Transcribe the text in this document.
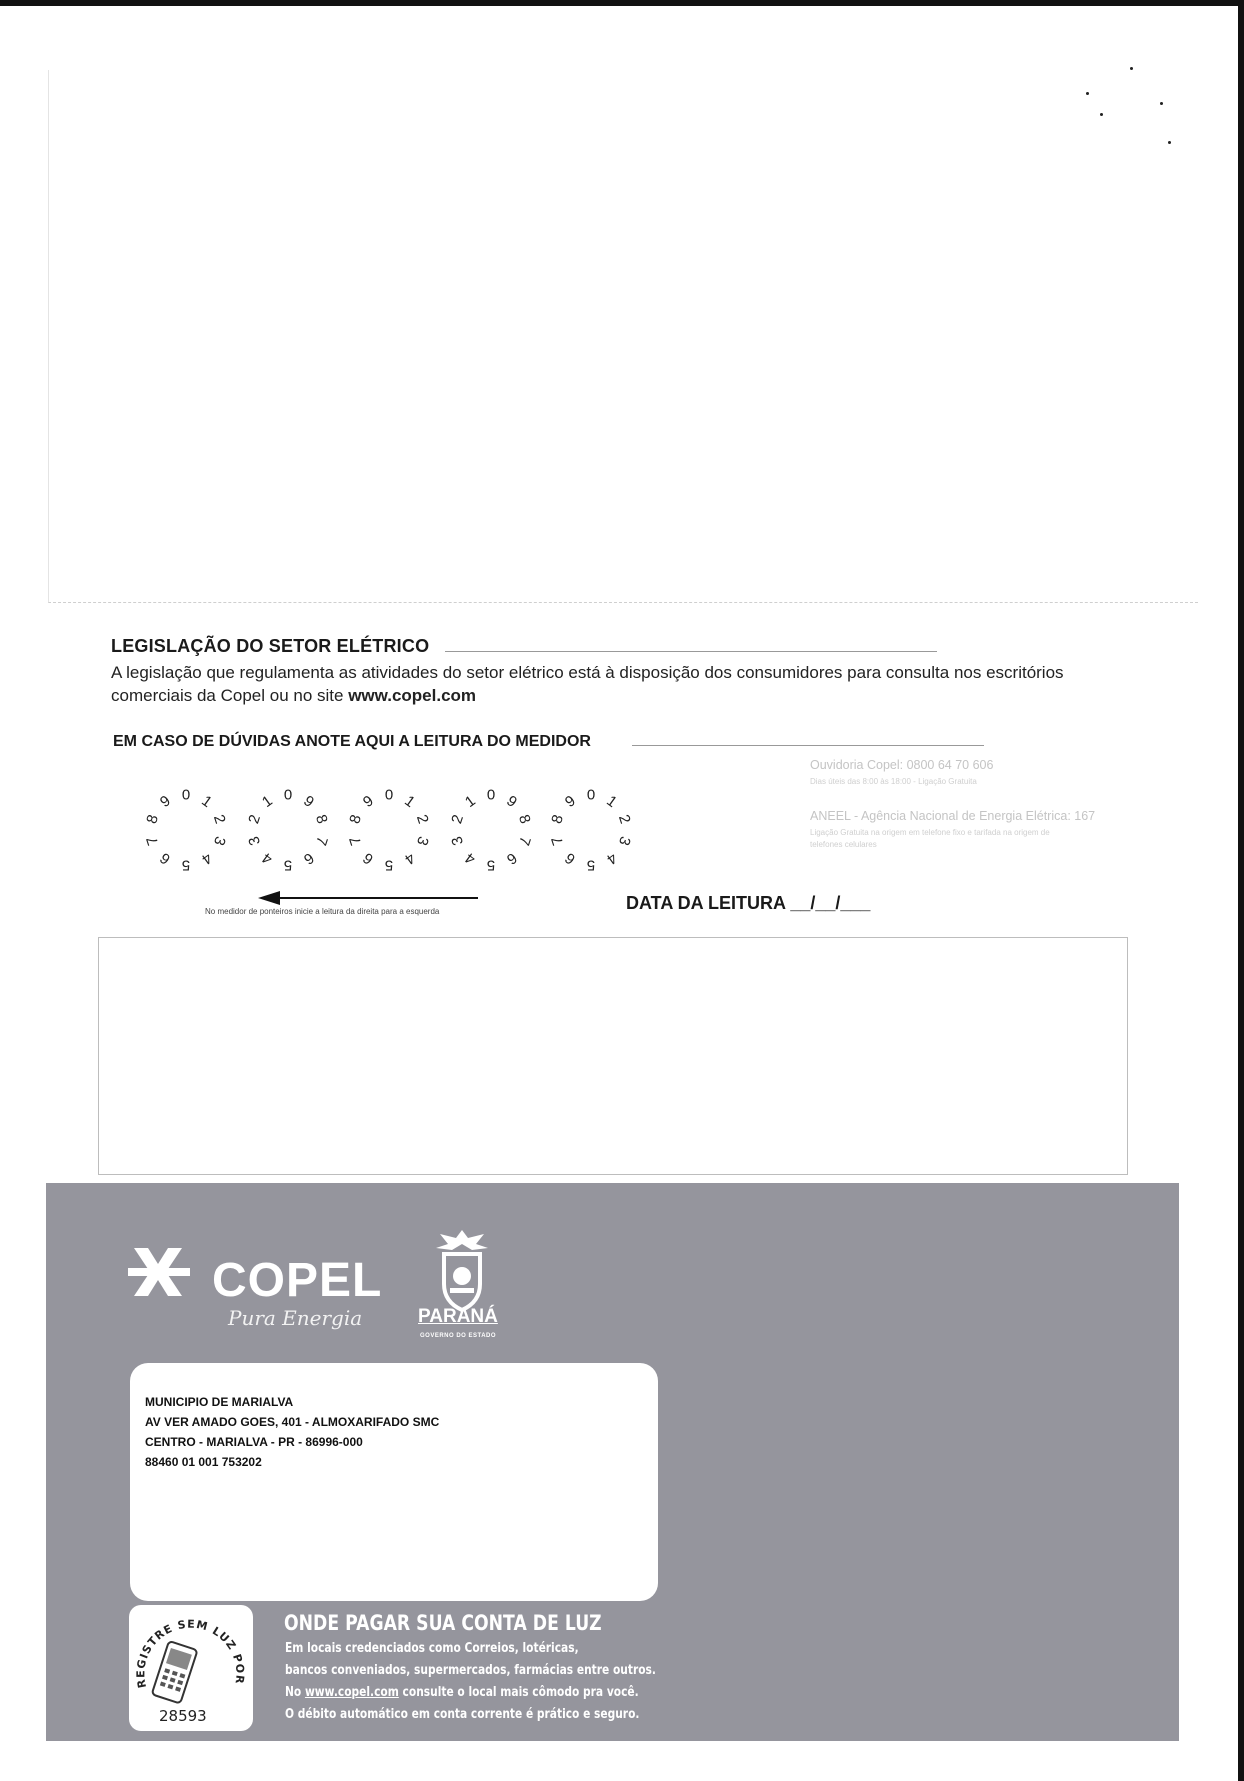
LEGISLAÇÃO DO SETOR ELÉTRICO
A legislação que regulamenta as atividades do setor elétrico está à disposição dos consumidores para consulta nos escritórios comerciais da Copel ou no site www.copel.com
EM CASO DE DÚVIDAS ANOTE AQUI A LEITURA DO MEDIDOR
Ouvidoria Copel: 0800 64 70 606
Dias úteis das 8:00 às 18:00 - Ligação Gratuita
ANEEL - Agência Nacional de Energia Elétrica: 167
Ligação Gratuita na origem em telefone fixo e tarifada na origem de
telefones celulares
0 1
2
3
4
5
6
7
8
9	0
1
2
3
4 5 6
7
8
9	0 1
2
3
4
5
6
7
8
9	0
1
2
3
4 5 6
7
8
9	0 1
2
3
4
5
6
7
8
9
No medidor de ponteiros inicie a leitura da direita para a esquerda	DATA DA LEITURA __/__/___
COPEL
Pura Energia	PARANÁ
GOVERNO DO ESTADO
MUNICIPIO DE MARIALVA
AV VER AMADO GOES, 401 - ALMOXARIFADO SMC
CENTRO - MARIALVA - PR - 86996-000
88460 01 001 753202
REGISTRE SEM LUZ POR
28593
ONDE PAGAR SUA CONTA DE LUZ
Em locais credenciados como Correios, lotéricas,
bancos conveniados, supermercados, farmácias entre outros.
No www.copel.com consulte o local mais cômodo pra você.
O débito automático em conta corrente é prático e seguro.
